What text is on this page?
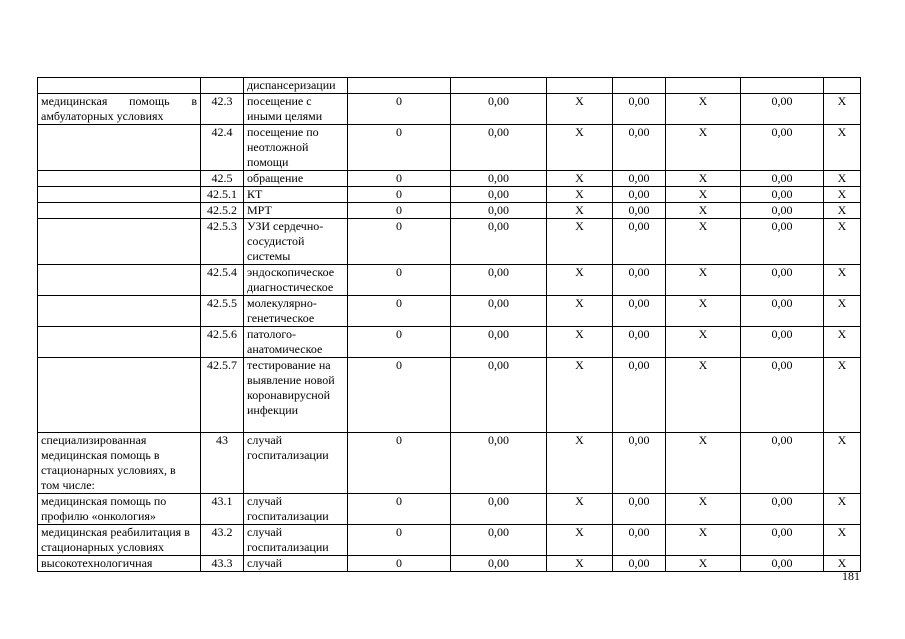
		диспансеризации							
медицинская помощь в амбулаторных условиях	42.3	посещение с иными целями	0	0,00	X	0,00	X	0,00	X
	42.4	посещение по неотложной помощи	0	0,00	X	0,00	X	0,00	X
	42.5	обращение	0	0,00	X	0,00	X	0,00	X
	42.5.1	КТ	0	0,00	X	0,00	X	0,00	X
	42.5.2	МРТ	0	0,00	X	0,00	X	0,00	X
	42.5.3	УЗИ сердечно-сосудистой системы	0	0,00	X	0,00	X	0,00	X
	42.5.4	эндоскопическое диагностическое	0	0,00	X	0,00	X	0,00	X
	42.5.5	молекулярно-генетическое	0	0,00	X	0,00	X	0,00	X
	42.5.6	патолого-анатомическое	0	0,00	X	0,00	X	0,00	X
	42.5.7	тестирование на выявление новой коронавирусной инфекции	0	0,00	X	0,00	X	0,00	X
специализированная медицинская помощь в стационарных условиях, в том числе:	43	случай госпитализации	0	0,00	X	0,00	X	0,00	X
медицинская помощь по профилю «онкология»	43.1	случай госпитализации	0	0,00	X	0,00	X	0,00	X
медицинская реабилитация в стационарных условиях	43.2	случай госпитализации	0	0,00	X	0,00	X	0,00	X
высокотехнологичная	43.3	случай	0	0,00	X	0,00	X	0,00	X
181
